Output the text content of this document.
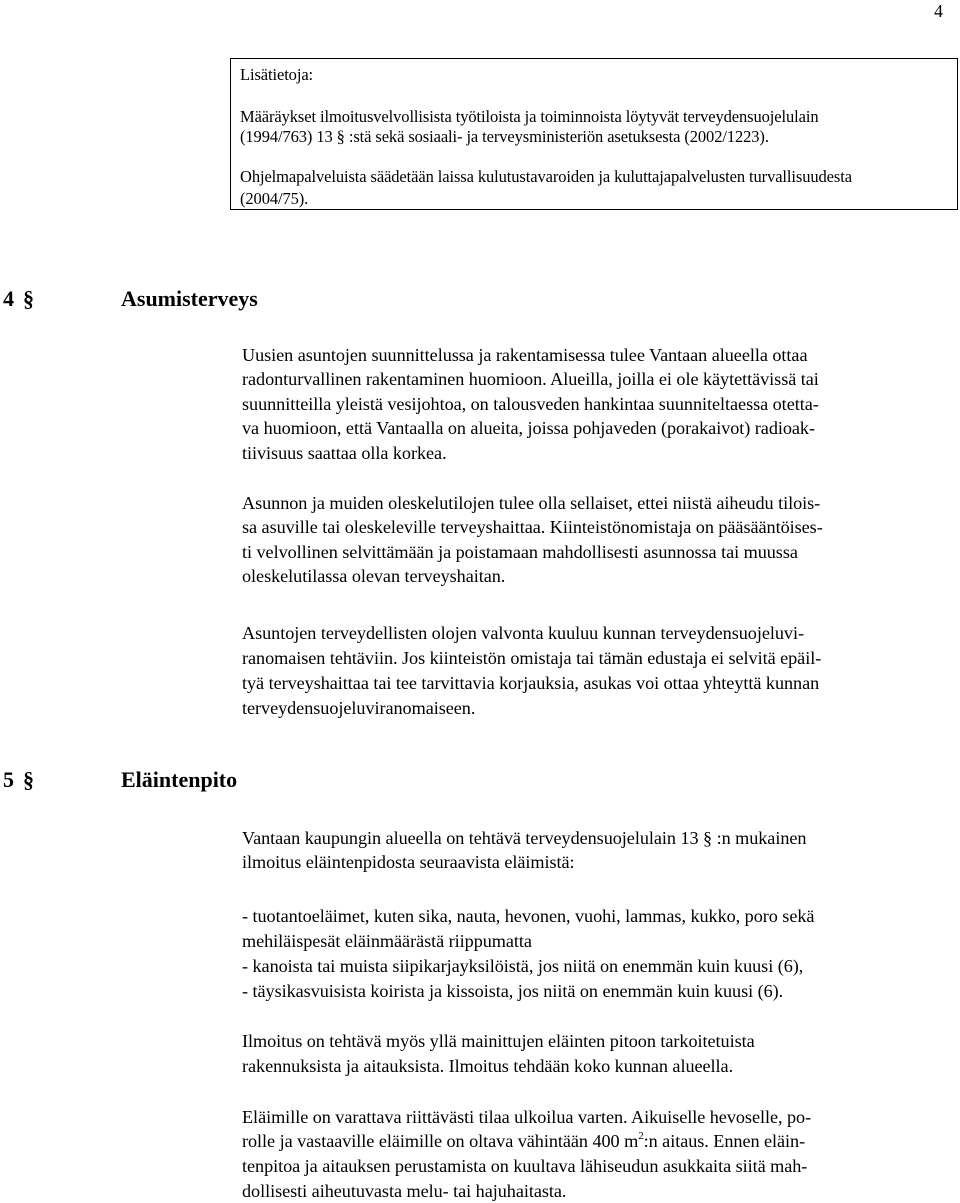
4
Lisätietoja:
Määräykset ilmoitusvelvollisista työtiloista ja toiminnoista löytyvät terveydensuojelulain
(1994/763) 13 § :stä sekä sosiaali- ja terveysministeriön asetuksesta (2002/1223).
Ohjelmapalveluista säädetään laissa kulutustavaroiden ja kuluttajapalvelusten turvallisuudesta
(2004/75).
4 §	Asumisterveys
Uusien asuntojen suunnittelussa ja rakentamisessa tulee Vantaan alueella ottaa
radonturvallinen rakentaminen huomioon. Alueilla, joilla ei ole käytettävissä tai
suunnitteilla yleistä vesijohtoa, on talousveden hankintaa suunniteltaessa otetta-
va huomioon, että Vantaalla on alueita, joissa pohjaveden (porakaivot) radioak-
tiivisuus saattaa olla korkea.
Asunnon ja muiden oleskelutilojen tulee olla sellaiset, ettei niistä aiheudu tilois-
sa asuville tai oleskeleville terveyshaittaa. Kiinteistönomistaja on pääsääntöises-
ti velvollinen selvittämään ja poistamaan mahdollisesti asunnossa tai muussa
oleskelutilassa olevan terveyshaitan.
Asuntojen terveydellisten olojen valvonta kuuluu kunnan terveydensuojeluvi-
ranomaisen tehtäviin. Jos kiinteistön omistaja tai tämän edustaja ei selvitä epäil-
tyä terveyshaittaa tai tee tarvittavia korjauksia, asukas voi ottaa yhteyttä kunnan
terveydensuojeluviranomaiseen.
5 §	Eläintenpito
Vantaan kaupungin alueella on tehtävä terveydensuojelulain 13 § :n mukainen
ilmoitus eläintenpidosta seuraavista eläimistä:
- tuotantoeläimet, kuten sika, nauta, hevonen, vuohi, lammas, kukko, poro sekä
mehiläispesät eläinmäärästä riippumatta
- kanoista tai muista siipikarjayksilöistä, jos niitä on enemmän kuin kuusi (6),
- täysikasvuisista koirista ja kissoista, jos niitä on enemmän kuin kuusi (6).
Ilmoitus on tehtävä myös yllä mainittujen eläinten pitoon tarkoitetuista
rakennuksista ja aitauksista. Ilmoitus tehdään koko kunnan alueella.
Eläimille on varattava riittävästi tilaa ulkoilua varten. Aikuiselle hevoselle, po-
rolle ja vastaaville eläimille on oltava vähintään 400 $m^2:n$ aitaus. Ennen eläin-
tenpitoa ja aitauksen perustamista on kuultava lähiseudun asukkaita siitä mah-
dollisesti aiheutuvasta melu- tai hajuhaitasta.
